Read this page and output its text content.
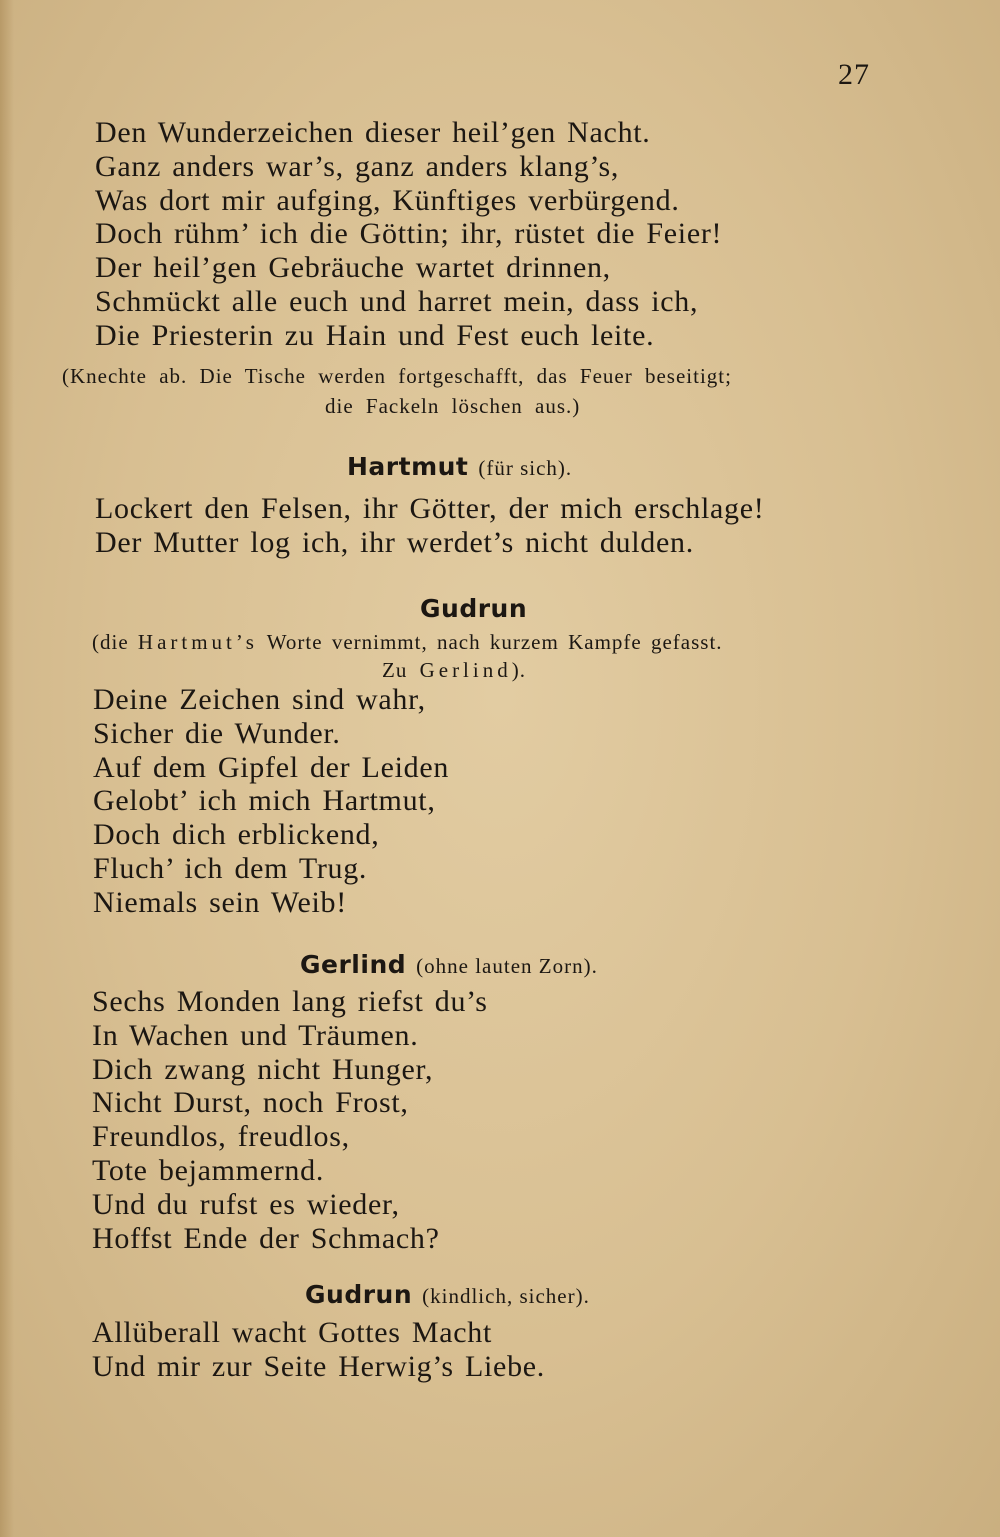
27
Den Wunderzeichen dieser heil’gen Nacht.
Ganz anders war’s, ganz anders klang’s,
Was dort mir aufging, Künftiges verbürgend.
Doch rühm’ ich die Göttin; ihr, rüstet die Feier!
Der heil’gen Gebräuche wartet drinnen,
Schmückt alle euch und harret mein, dass ich,
Die Priesterin zu Hain und Fest euch leite.
(Knechte ab. Die Tische werden fortgeschafft, das Feuer beseitigt;
die Fackeln löschen aus.)
Hartmut (für sich).
Lockert den Felsen, ihr Götter, der mich erschlage!
Der Mutter log ich, ihr werdet’s nicht dulden.
Gudrun
(die Hartmut’s Worte vernimmt, nach kurzem Kampfe gefasst.
Zu Gerlind).
Deine Zeichen sind wahr,
Sicher die Wunder.
Auf dem Gipfel der Leiden
Gelobt’ ich mich Hartmut,
Doch dich erblickend,
Fluch’ ich dem Trug.
Niemals sein Weib!
Gerlind (ohne lauten Zorn).
Sechs Monden lang riefst du’s
In Wachen und Träumen.
Dich zwang nicht Hunger,
Nicht Durst, noch Frost,
Freundlos, freudlos,
Tote bejammernd.
Und du rufst es wieder,
Hoffst Ende der Schmach?
Gudrun (kindlich, sicher).
Allüberall wacht Gottes Macht
Und mir zur Seite Herwig’s Liebe.
